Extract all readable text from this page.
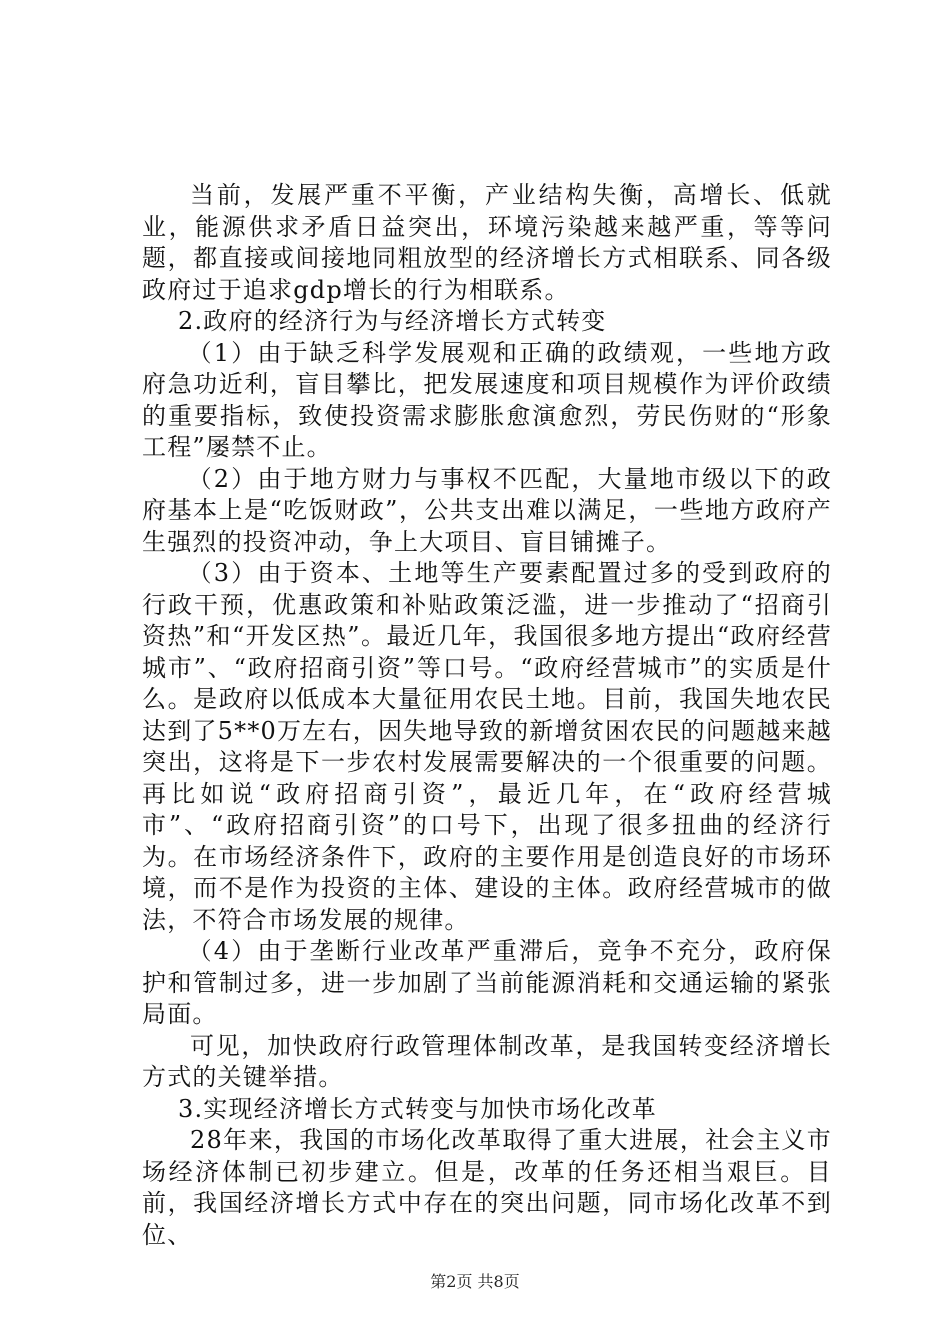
当前，发展严重不平衡，产业结构失衡，高增长、低就业，能源供求矛盾日益突出，环境污染越来越严重，等等问题，都直接或间接地同粗放型的经济增长方式相联系、同各级政府过于追求gdp增长的行为相联系。

2.政府的经济行为与经济增长方式转变

（1）由于缺乏科学发展观和正确的政绩观，一些地方政府急功近利，盲目攀比，把发展速度和项目规模作为评价政绩的重要指标，致使投资需求膨胀愈演愈烈，劳民伤财的“形象工程”屡禁不止。

（2）由于地方财力与事权不匹配，大量地市级以下的政府基本上是“吃饭财政”，公共支出难以满足，一些地方政府产生强烈的投资冲动，争上大项目、盲目铺摊子。

（3）由于资本、土地等生产要素配置过多的受到政府的行政干预，优惠政策和补贴政策泛滥，进一步推动了“招商引资热”和“开发区热”。最近几年，我国很多地方提出“政府经营城市”、“政府招商引资”等口号。“政府经营城市”的实质是什么。是政府以低成本大量征用农民土地。目前，我国失地农民达到了5**0万左右，因失地导致的新增贫困农民的问题越来越突出，这将是下一步农村发展需要解决的一个很重要的问题。再比如说“政府招商引资”，最近几年，在“政府经营城市”、“政府招商引资”的口号下，出现了很多扭曲的经济行为。在市场经济条件下，政府的主要作用是创造良好的市场环境，而不是作为投资的主体、建设的主体。政府经营城市的做法，不符合市场发展的规律。

（4）由于垄断行业改革严重滞后，竞争不充分，政府保护和管制过多，进一步加剧了当前能源消耗和交通运输的紧张局面。

可见，加快政府行政管理体制改革，是我国转变经济增长方式的关键举措。

3.实现经济增长方式转变与加快市场化改革

28年来，我国的市场化改革取得了重大进展，社会主义市场经济体制已初步建立。但是，改革的任务还相当艰巨。目前，我国经济增长方式中存在的突出问题，同市场化改革不到位、

第2页 共8页
